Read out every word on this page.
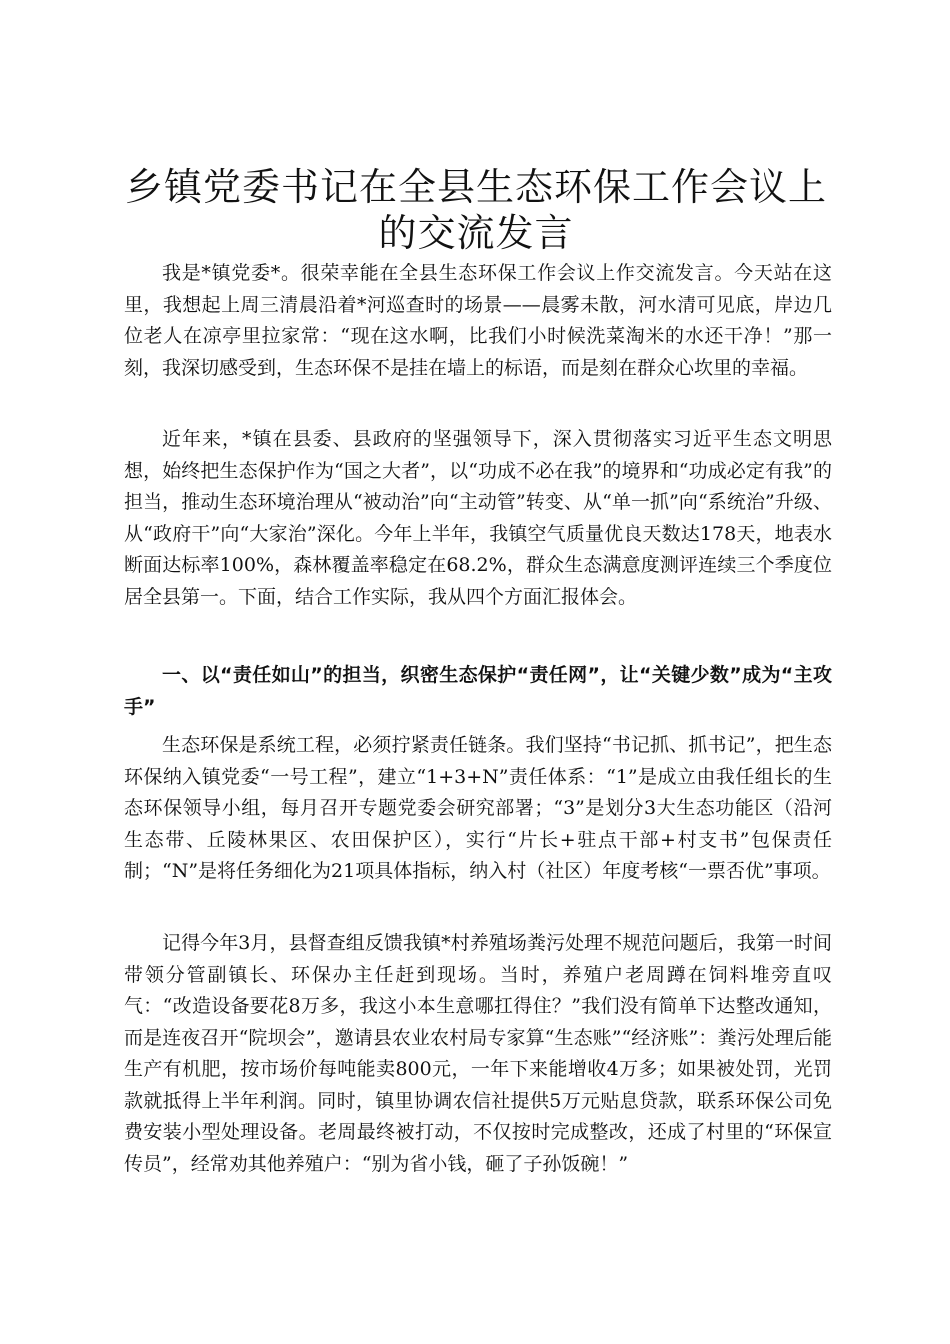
乡镇党委书记在全县生态环保工作会议上的交流发言

我是*镇党委*。很荣幸能在全县生态环保工作会议上作交流发言。今天站在这里，我想起上周三清晨沿着*河巡查时的场景——晨雾未散，河水清可见底，岸边几位老人在凉亭里拉家常：“现在这水啊，比我们小时候洗菜淘米的水还干净！”那一刻，我深切感受到，生态环保不是挂在墙上的标语，而是刻在群众心坎里的幸福。

近年来，*镇在县委、县政府的坚强领导下，深入贯彻落实习近平生态文明思想，始终把生态保护作为“国之大者”，以“功成不必在我”的境界和“功成必定有我”的担当，推动生态环境治理从“被动治”向“主动管”转变、从“单一抓”向“系统治”升级、从“政府干”向“大家治”深化。今年上半年，我镇空气质量优良天数达178天，地表水断面达标率100%，森林覆盖率稳定在68.2%，群众生态满意度测评连续三个季度位居全县第一。下面，结合工作实际，我从四个方面汇报体会。

一、以“责任如山”的担当，织密生态保护“责任网”，让“关键少数”成为“主攻手”

生态环保是系统工程，必须拧紧责任链条。我们坚持“书记抓、抓书记”，把生态环保纳入镇党委“一号工程”，建立“1+3+N”责任体系：“1”是成立由我任组长的生态环保领导小组，每月召开专题党委会研究部署；“3”是划分3大生态功能区（沿河生态带、丘陵林果区、农田保护区），实行“片长+驻点干部+村支书”包保责任制；“N”是将任务细化为21项具体指标，纳入村（社区）年度考核“一票否优”事项。

记得今年3月，县督查组反馈我镇*村养殖场粪污处理不规范问题后，我第一时间带领分管副镇长、环保办主任赶到现场。当时，养殖户老周蹲在饲料堆旁直叹气：“改造设备要花8万多，我这小本生意哪扛得住？”我们没有简单下达整改通知，而是连夜召开“院坝会”，邀请县农业农村局专家算“生态账”“经济账”：粪污处理后能生产有机肥，按市场价每吨能卖800元，一年下来能增收4万多；如果被处罚，光罚款就抵得上半年利润。同时，镇里协调农信社提供5万元贴息贷款，联系环保公司免费安装小型处理设备。老周最终被打动，不仅按时完成整改，还成了村里的“环保宣传员”，经常劝其他养殖户：“别为省小钱，砸了子孙饭碗！”
